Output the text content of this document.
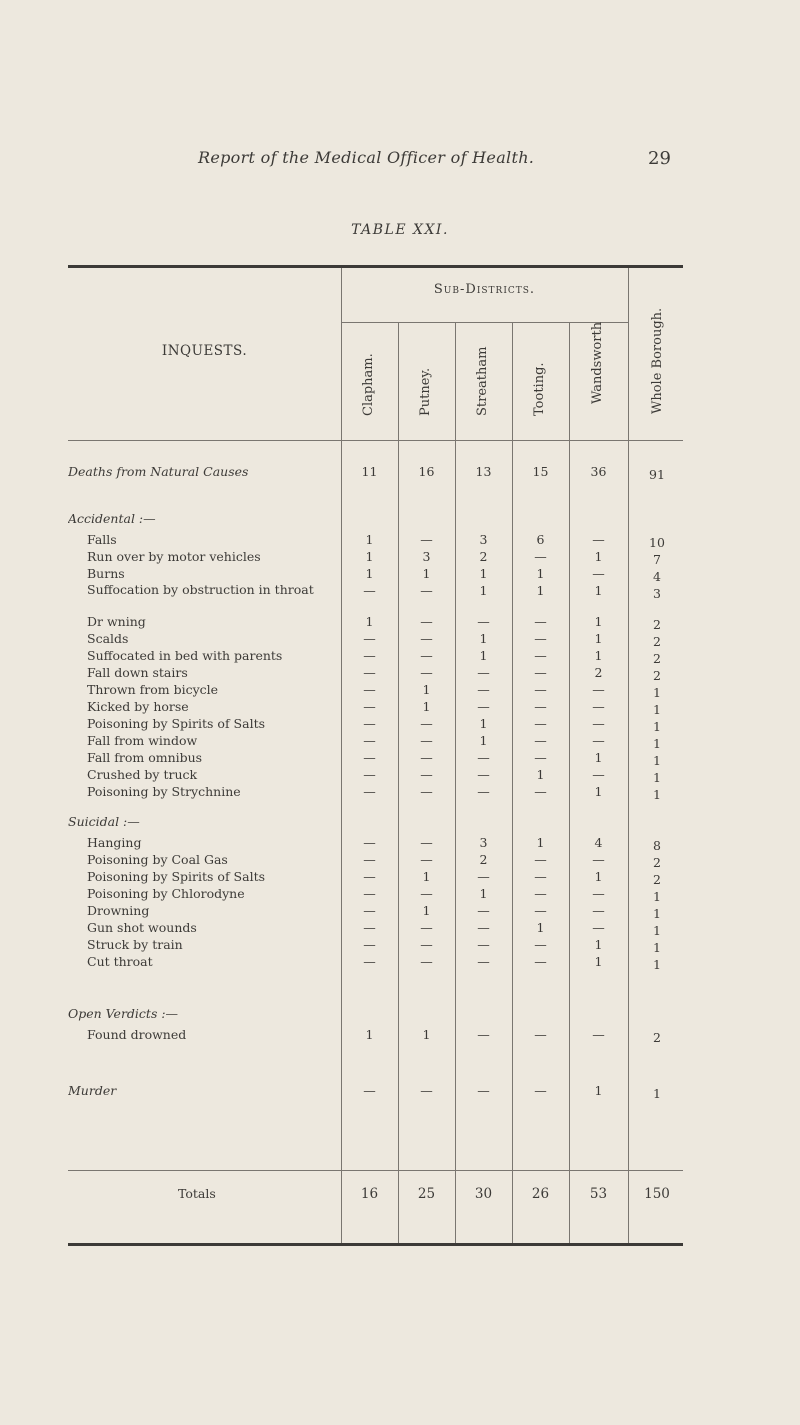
Report of the Medical Officer of Health.	29
TABLE XXI.
INQUESTS.
Sub-Districts.
Clapham.	Putney.	Streatham	Tooting.	Wandsworth	Whole Borough.
Deaths from Natural Causes	11	16	13	15	36	91
Accidental :—
Falls	1	—	3	6	—	10
Run over by motor vehicles	1	3	2	—	1	7
Burns	1	1	1	1	—	4
Suffocation by obstruction in throat	—	—	1	1	1	3
Dr wning	1	—	—	—	1	2
Scalds	—	—	1	—	1	2
Suffocated in bed with parents	—	—	1	—	1	2
Fall down stairs	—	—	—	—	2	2
Thrown from bicycle	—	1	—	—	—	1
Kicked by horse	—	1	—	—	—	1
Poisoning by Spirits of Salts	—	—	1	—	—	1
Fall from window	—	—	1	—	—	1
Fall from omnibus	—	—	—	—	1	1
Crushed by truck	—	—	—	1	—	1
Poisoning by Strychnine	—	—	—	—	1	1
Suicidal :—
Hanging	—	—	3	1	4	8
Poisoning by Coal Gas	—	—	2	—	—	2
Poisoning by Spirits of Salts	—	1	—	—	1	2
Poisoning by Chlorodyne	—	—	1	—	—	1
Drowning	—	1	—	—	—	1
Gun shot wounds	—	—	—	1	—	1
Struck by train	—	—	—	—	1	1
Cut throat	—	—	—	—	1	1
Open Verdicts :—
Found drowned	1	1	—	—	—	2
Murder	—	—	—	—	1	1
Totals	16	25	30	26	53	150
